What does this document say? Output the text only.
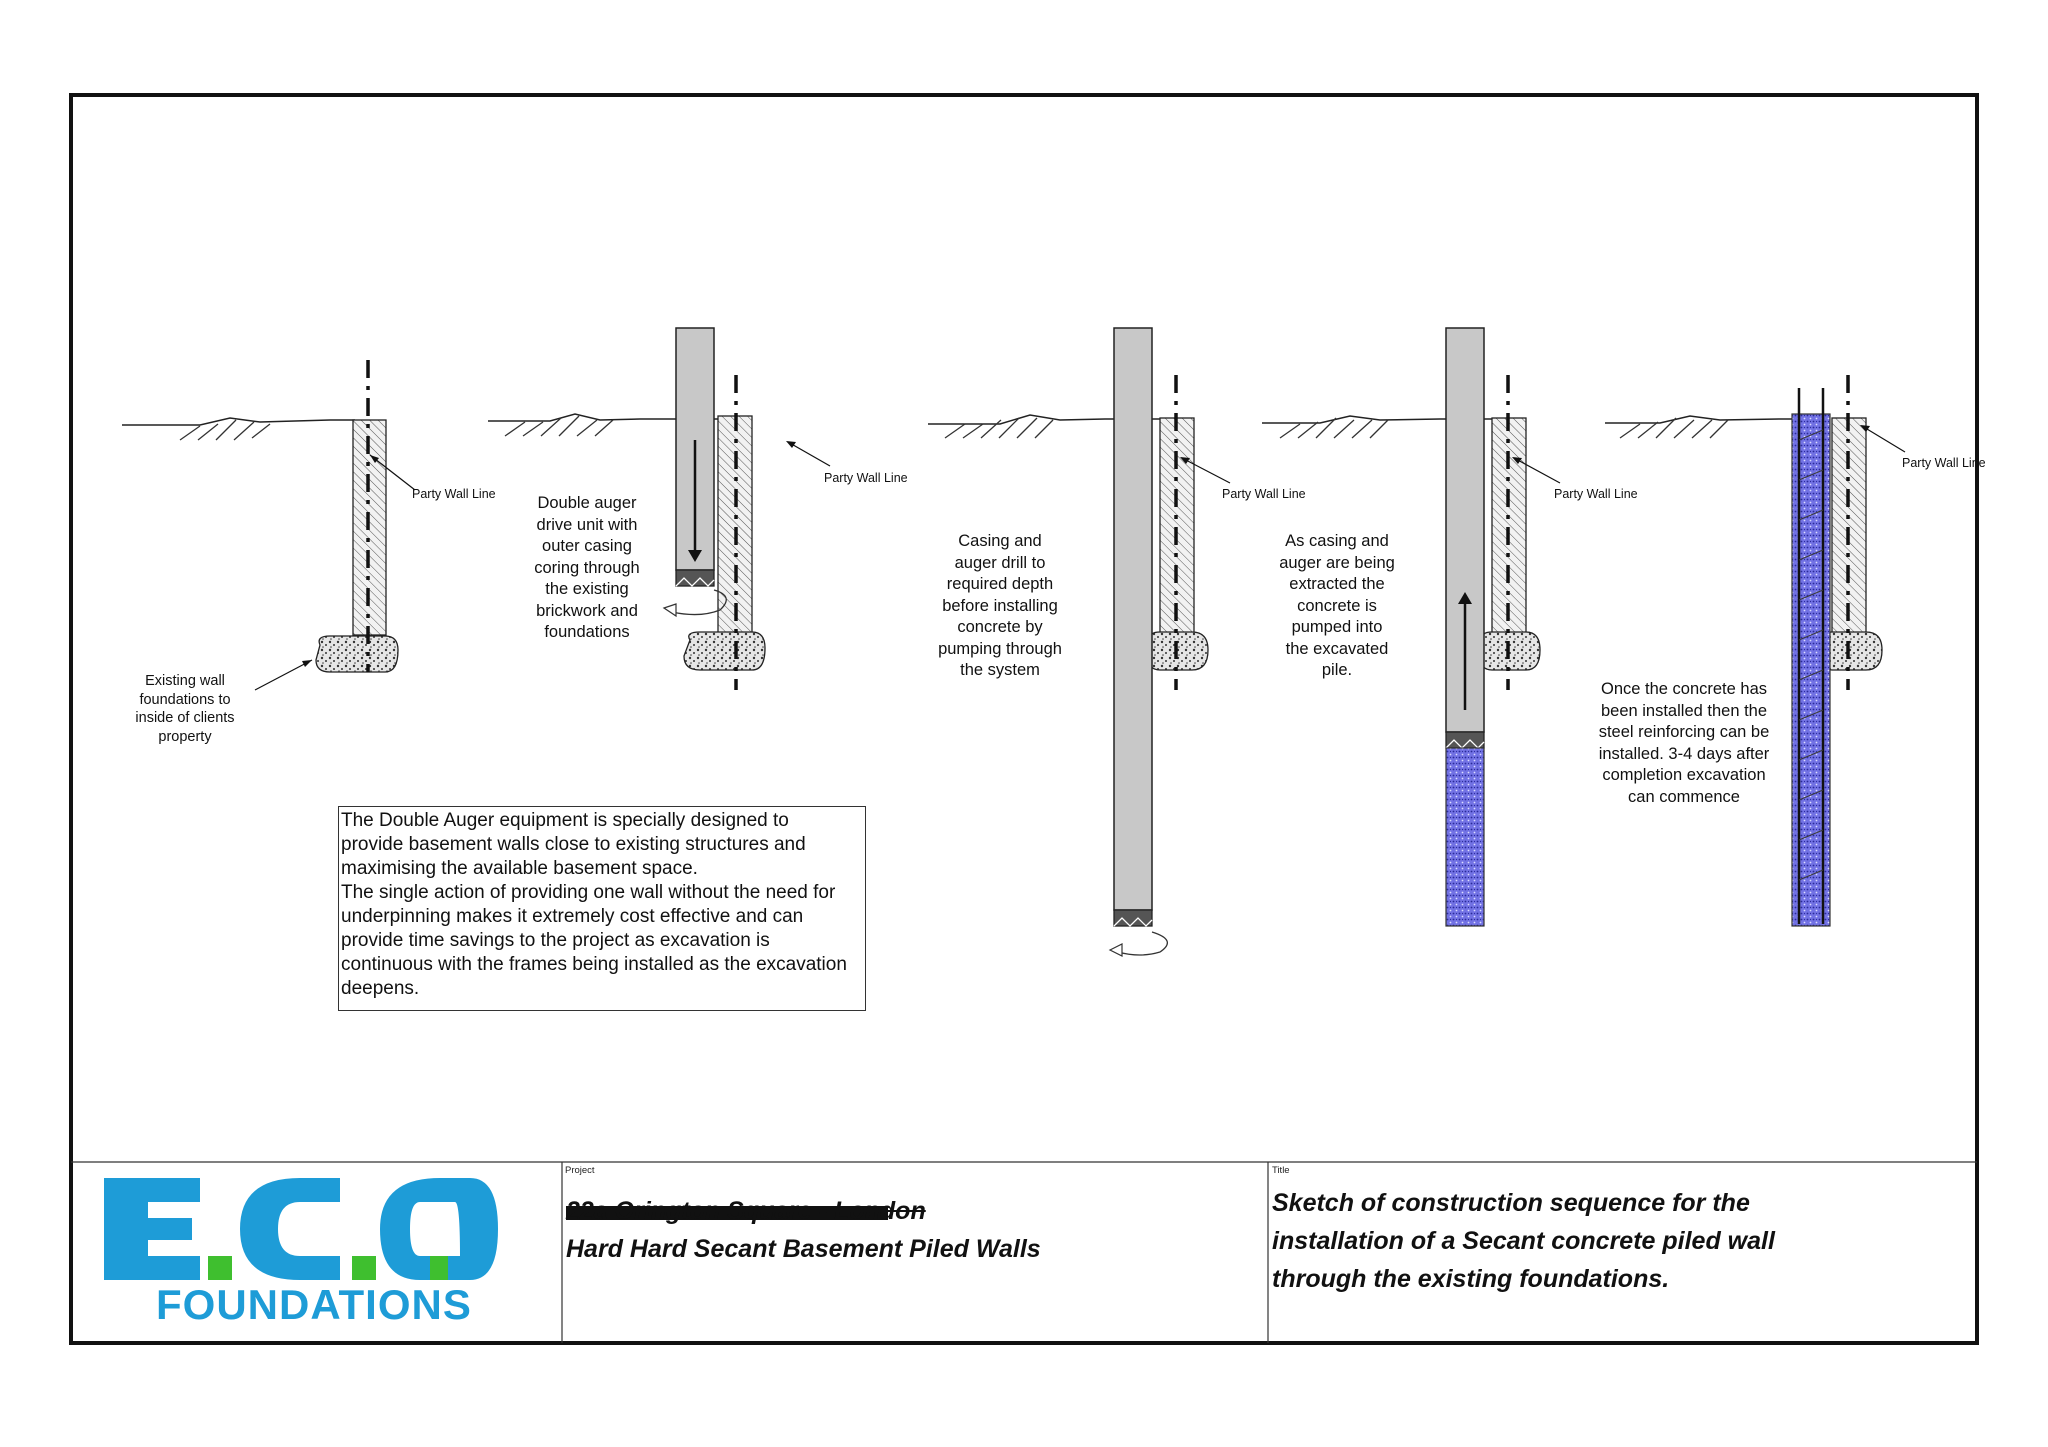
Party Wall Line
Party Wall Line
Party Wall Line	Party Wall Line
Party Wall Line
Existing wall
foundations to
inside of clients
property
Double auger
drive unit with
outer casing
coring through
the existing
brickwork and
foundations
Casing and
auger drill to
required depth
before installing
concrete by
pumping through
the system
As casing and
auger are being
extracted the
concrete is
pumped into
the excavated
pile.
Once the concrete has
been installed then the
steel reinforcing can be
installed. 3-4 days after
completion excavation
can commence
The Double Auger equipment is specially designed to
provide basement walls close to existing structures and
maximising the available basement space.
The single action of providing one wall without the need for
underpinning makes it extremely cost effective and can
provide time savings to the project as excavation is
continuous with the frames being installed as the excavation
deepens.
FOUNDATIONS
Project
22a Orington Square - London
Hard Hard Secant Basement Piled Walls
Title
Sketch of construction sequence for the
installation of a Secant concrete piled wall
through the existing foundations.
